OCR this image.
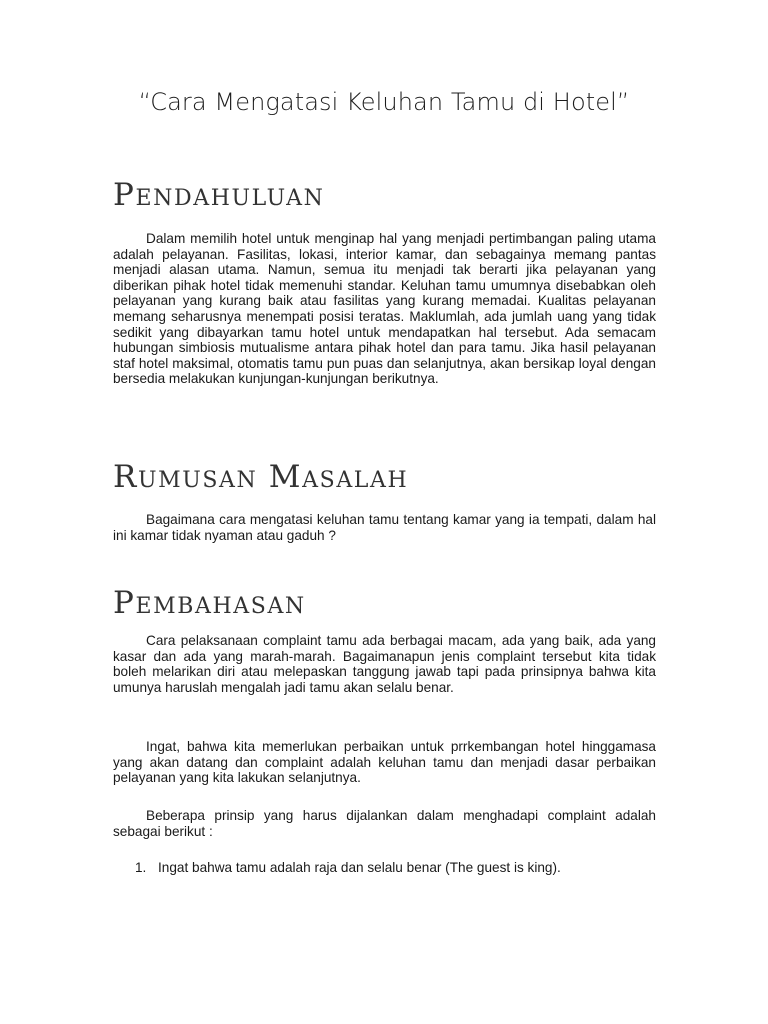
“Cara Mengatasi Keluhan Tamu di Hotel”
Pendahuluan

Dalam memilih hotel untuk menginap hal yang menjadi pertimbangan paling utama adalah pelayanan. Fasilitas, lokasi, interior kamar, dan sebagainya memang pantas menjadi alasan utama. Namun, semua itu menjadi tak berarti jika pelayanan yang diberikan pihak hotel tidak memenuhi standar. Keluhan tamu umumnya disebabkan oleh pelayanan yang kurang baik atau fasilitas yang kurang memadai. Kualitas pelayanan memang seharusnya menempati posisi teratas. Maklumlah, ada jumlah uang yang tidak sedikit yang dibayarkan tamu hotel untuk mendapatkan hal tersebut. Ada semacam hubungan simbiosis mutualisme antara pihak hotel dan para tamu. Jika hasil pelayanan staf hotel maksimal, otomatis tamu pun puas dan selanjutnya, akan bersikap loyal dengan bersedia melakukan kunjungan-kunjungan berikutnya.

Rumusan Masalah

Bagaimana cara mengatasi keluhan tamu tentang kamar yang ia tempati, dalam hal ini kamar tidak nyaman atau gaduh ?

Pembahasan

Cara pelaksanaan complaint tamu ada berbagai macam, ada yang baik, ada yang kasar dan ada yang marah-marah. Bagaimanapun jenis complaint tersebut kita tidak boleh melarikan diri atau melepaskan tanggung jawab tapi pada prinsipnya bahwa kita umunya haruslah mengalah jadi tamu akan selalu benar.

Ingat, bahwa kita memerlukan perbaikan untuk prrkembangan hotel hinggamasa yang akan datang dan complaint adalah keluhan tamu dan menjadi dasar perbaikan pelayanan yang kita lakukan selanjutnya.

Beberapa prinsip yang harus dijalankan dalam menghadapi complaint adalah sebagai berikut :

1. Ingat bahwa tamu adalah raja dan selalu benar (The guest is king).
